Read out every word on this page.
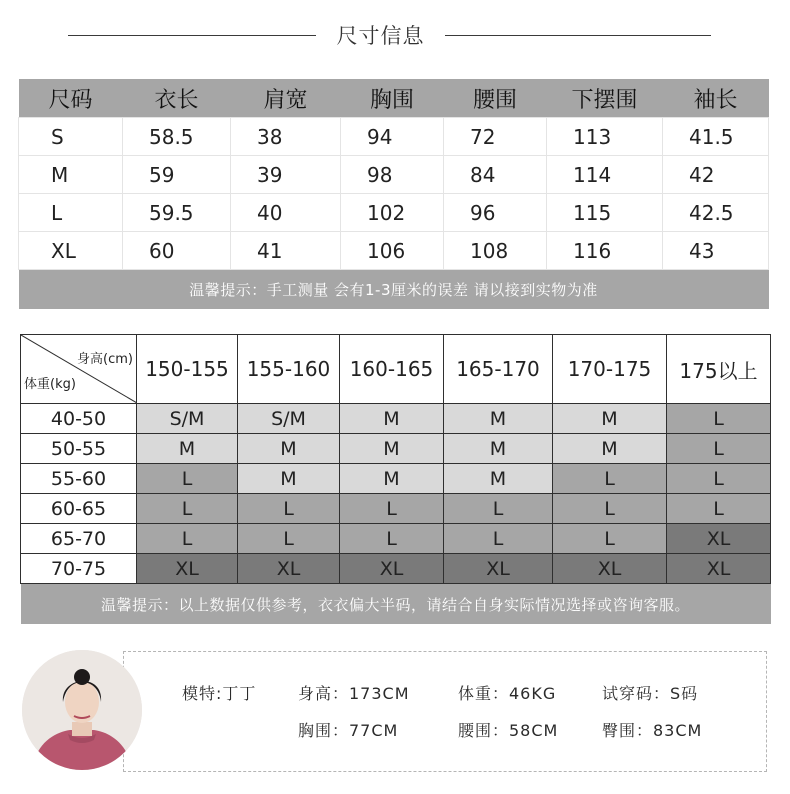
尺寸信息
尺码	衣长	肩宽	胸围	腰围	下摆围	袖长
S	58.5	38	94	72	113	41.5
M	59	39	98	84	114	42
L	59.5	40	102	96	115	42.5
XL	60	41	106	108	116	43
温馨提示：手工测量 会有1-3厘米的误差 请以接到实物为准						
身高(cm)
体重(kg)	150-155	155-160	160-165	165-170	170-175	175以上
40-50	S/M	S/M	M	M	M	L
50-55	M	M	M	M	M	L
55-60	L	M	M	M	L	L
60-65	L	L	L	L	L	L
65-70	L	L	L	L	L	XL
70-75	XL	XL	XL	XL	XL	XL
温馨提示：以上数据仅供参考，衣衣偏大半码，请结合自身实际情况选择或咨询客服。						
模特:丁丁	身高：173CM	体重：46KG	试穿码：S码
胸围：77CM	腰围：58CM	臀围：83CM
